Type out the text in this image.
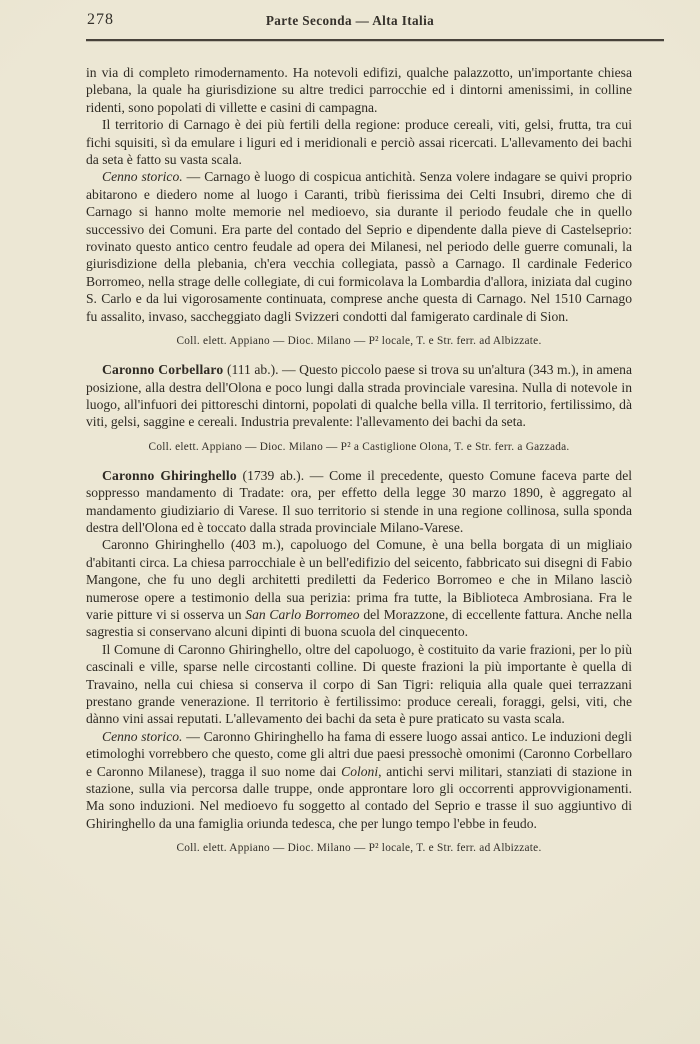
278	Parte Seconda — Alta Italia

in via di completo rimodernamento. Ha notevoli edifizi, qualche palazzotto, un'importante chiesa plebana, la quale ha giurisdizione su altre tredici parrocchie ed i dintorni amenissimi, in colline ridenti, sono popolati di villette e casini di campagna.

Il territorio di Carnago è dei più fertili della regione: produce cereali, viti, gelsi, frutta, tra cui fichi squisiti, sì da emulare i liguri ed i meridionali e perciò assai ricercati. L'allevamento dei bachi da seta è fatto su vasta scala.

Cenno storico. — Carnago è luogo di cospicua antichità. Senza volere indagare se quivi proprio abitarono e diedero nome al luogo i Caranti, tribù fierissima dei Celti Insubri, diremo che di Carnago si hanno molte memorie nel medioevo, sia durante il periodo feudale che in quello successivo dei Comuni. Era parte del contado del Seprio e dipendente dalla pieve di Castelseprio: rovinato questo antico centro feudale ad opera dei Milanesi, nel periodo delle guerre comunali, la giurisdizione della plebania, ch'era vecchia collegiata, passò a Carnago. Il cardinale Federico Borromeo, nella strage delle collegiate, di cui formicolava la Lombardia d'allora, iniziata dal cugino S. Carlo e da lui vigorosamente continuata, comprese anche questa di Carnago. Nel 1510 Carnago fu assalito, invaso, saccheggiato dagli Svizzeri condotti dal famigerato cardinale di Sion.

Coll. elett. Appiano — Dioc. Milano — P² locale, T. e Str. ferr. ad Albizzate.

Caronno Corbellaro (111 ab.). — Questo piccolo paese si trova su un'altura (343 m.), in amena posizione, alla destra dell'Olona e poco lungi dalla strada provinciale varesina. Nulla di notevole in luogo, all'infuori dei pittoreschi dintorni, popolati di qualche bella villa. Il territorio, fertilissimo, dà viti, gelsi, saggine e cereali. Industria prevalente: l'allevamento dei bachi da seta.

Coll. elett. Appiano — Dioc. Milano — P² a Castiglione Olona, T. e Str. ferr. a Gazzada.

Caronno Ghiringhello (1739 ab.). — Come il precedente, questo Comune faceva parte del soppresso mandamento di Tradate: ora, per effetto della legge 30 marzo 1890, è aggregato al mandamento giudiziario di Varese. Il suo territorio si stende in una regione collinosa, sulla sponda destra dell'Olona ed è toccato dalla strada provinciale Milano-Varese.

Caronno Ghiringhello (403 m.), capoluogo del Comune, è una bella borgata di un migliaio d'abitanti circa. La chiesa parrocchiale è un bell'edifizio del seicento, fabbricato sui disegni di Fabio Mangone, che fu uno degli architetti prediletti da Federico Borromeo e che in Milano lasciò numerose opere a testimonio della sua perizia: prima fra tutte, la Biblioteca Ambrosiana. Fra le varie pitture vi si osserva un San Carlo Borromeo del Morazzone, di eccellente fattura. Anche nella sagrestia si conservano alcuni dipinti di buona scuola del cinquecento.

Il Comune di Caronno Ghiringhello, oltre del capoluogo, è costituito da varie frazioni, per lo più cascinali e ville, sparse nelle circostanti colline. Di queste frazioni la più importante è quella di Travaino, nella cui chiesa si conserva il corpo di San Tigri: reliquia alla quale quei terrazzani prestano grande venerazione. Il territorio è fertilissimo: produce cereali, foraggi, gelsi, viti, che dànno vini assai reputati. L'allevamento dei bachi da seta è pure praticato su vasta scala.

Cenno storico. — Caronno Ghiringhello ha fama di essere luogo assai antico. Le induzioni degli etimologhi vorrebbero che questo, come gli altri due paesi pressochè omonimi (Caronno Corbellaro e Caronno Milanese), tragga il suo nome dai Coloni, antichi servi militari, stanziati di stazione in stazione, sulla via percorsa dalle truppe, onde approntare loro gli occorrenti approvvigionamenti. Ma sono induzioni. Nel medioevo fu soggetto al contado del Seprio e trasse il suo aggiuntivo di Ghiringhello da una famiglia oriunda tedesca, che per lungo tempo l'ebbe in feudo.

Coll. elett. Appiano — Dioc. Milano — P² locale, T. e Str. ferr. ad Albizzate.
